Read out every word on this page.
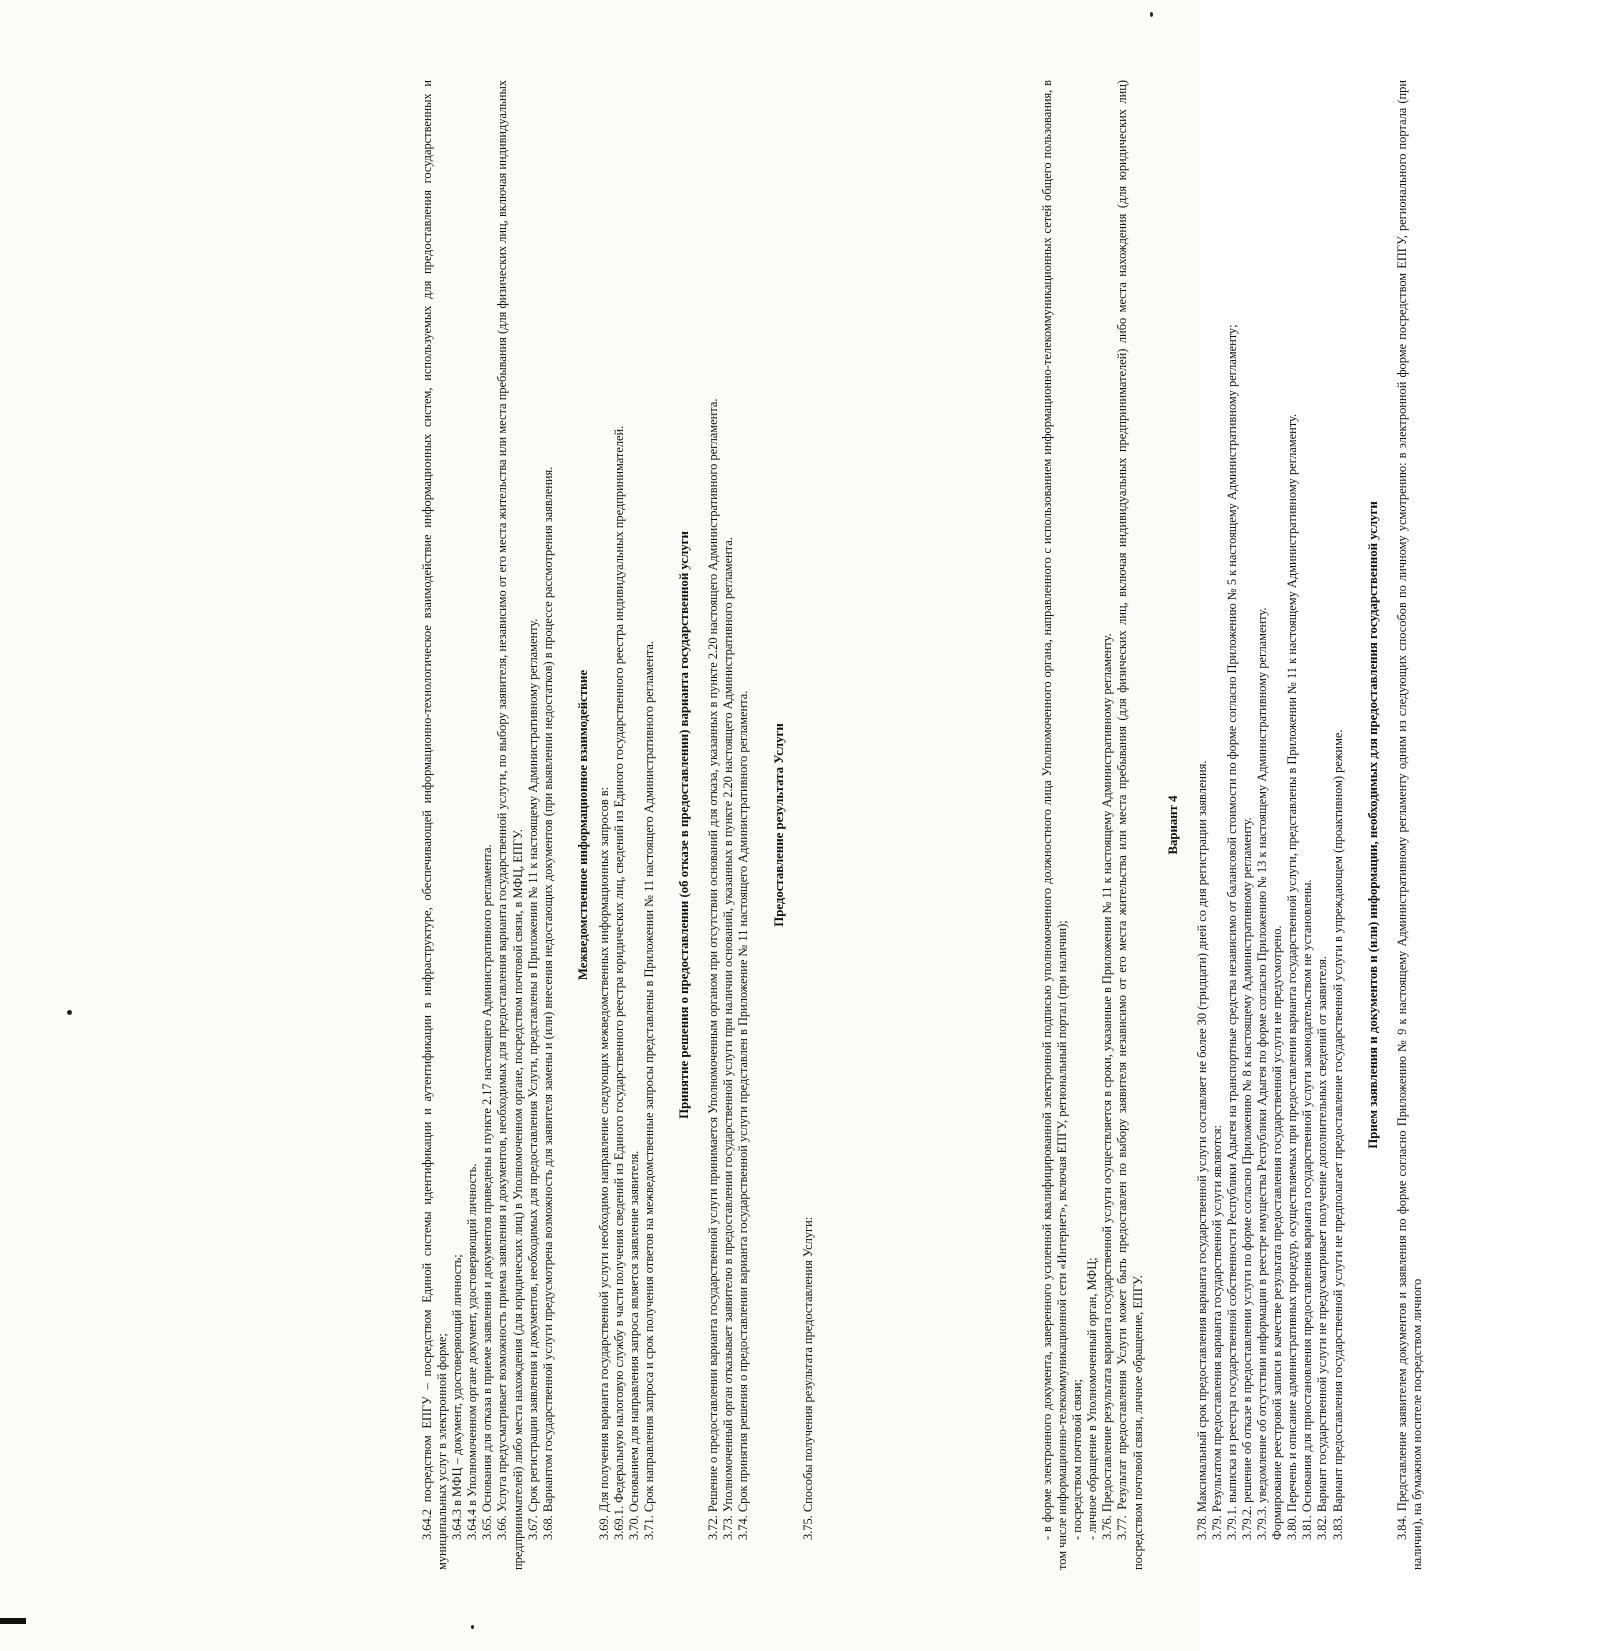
3.64.2 посредством ЕПГУ – посредством Единой системы идентификации и аутентификации в инфраструктуре, обеспечивающей информационно-технологическое взаимодействие информационных систем, используемых для предоставления государственных и муниципальных услуг в электронной форме; 3.64.3 в МФЦ – документ, удостоверяющий личность; 3.64.4 в Уполномоченном органе документ, удостоверяющий личность. 3.65. Основания для отказа в приеме заявления и документов приведены в пункте 2.17 настоящего Административного регламента. 3.66. Услуга предусматривает возможность приема заявления и документов, необходимых для предоставления варианта государственной услуги, по выбору заявителя, независимо от его места жительства или места пребывания (для физических лиц, включая индивидуальных предпринимателей) либо места нахождения (для юридических лиц) в Уполномоченном органе, посредством почтовой связи, в МФЦ, ЕПГУ. 3.67. Срок регистрации заявления и документов, необходимых для предоставления Услуги, представлены в Приложении № 11 к настоящему Административному регламенту. 3.68. Вариантом государственной услуги предусмотрена возможность для заявителя замены и (или) внесения недостающих документов (при выявлении недостатков) в процессе рассмотрения заявления. Межведомственное информационное взаимодействие 3.69. Для получения варианта государственной услуги необходимо направление следующих межведомственных информационных запросов в: 3.69.1. Федеральную налоговую службу в части получения сведений из Единого государственного реестра юридических лиц, сведений из Единого государственного реестра индивидуальных предпринимателей. 3.70. Основанием для направления запроса является заявление заявителя. 3.71. Срок направления запроса и срок получения ответов на межведомственные запросы представлены в Приложении № 11 настоящего Административного регламента. Принятие решения о предоставлении (об отказе в предоставлении) варианта государственной услуги 3.72. Решение о предоставлении варианта государственной услуги принимается Уполномоченным органом при отсутствии оснований для отказа, указанных в пункте 2.20 настоящего Административного регламента. 3.73. Уполномоченный орган отказывает заявителю в предоставлении государственной услуги при наличии оснований, указанных в пункте 2.20 настоящего Административного регламента. 3.74. Срок принятия решения о предоставлении варианта государственной услуги представлен в Приложение № 11 настоящего Административного регламента. Предоставление результата Услуги

3.75. Способы получения результата предоставления Услуги:	- в форме электронного документа, заверенного усиленной квалифицированной электронной подписью уполномоченного должностного лица Уполномоченного органа, направленного с использованием информационно-телекоммуникационных сетей общего пользования, в том числе информационно-телекоммуникационной сети «Интернет», включая ЕПГУ, региональный портал (при наличии); - посредством почтовой связи; - личное обращение в Уполномоченный орган, МФЦ; 3.76. Предоставление результата варианта государственной услуги осуществляется в сроки, указанные в Приложении № 11 к настоящему Административному регламенту. 3.77. Результат предоставления Услуги может быть предоставлен по выбору заявителя независимо от его места жительства или места пребывания (для физических лиц, включая индивидуальных предпринимателей) либо места нахождения (для юридических лиц) посредством почтовой связи, личное обращение, ЕПГУ.

Вариант 4 3.78. Максимальный срок предоставления варианта государственной услуги составляет не более 30 (тридцати) дней со дня регистрации заявления. 3.79. Результатом предоставления варианта государственной услуги являются: 3.79.1. выписка из реестра государственной собственности Республики Адыгея на транспортные средства независимо от балансовой стоимости по форме согласно Приложению № 5 к настоящему Административному регламенту; 3.79.2. решение об отказе в предоставлении услуги по форме согласно Приложению № 8 к настоящему Административному регламенту. 3.79.3. уведомление об отсутствии информации в реестре имущества Республики Адыгея по форме согласно Приложению № 13 к настоящему Административному регламенту. Формирование реестровой записи в качестве результата предоставления государственной услуги не предусмотрено. 3.80. Перечень и описание административных процедур, осуществляемых при предоставлении варианта государственной услуги, представлены в Приложении № 11 к настоящему Административному регламенту. 3.81. Основания для приостановления предоставления варианта государственной услуги законодательством не установлены. 3.82. Вариант государственной услуги не предусматривает получение дополнительных сведений от заявителя. 3.83. Вариант предоставления государственной услуги не предполагает предоставление государственной услуги в упреждающем (проактивном) режиме. Прием заявления и документов и (или) информации, необходимых для предоставления государственной услуги 3.84. Представление заявителем документов и заявления по форме согласно Приложению № 9 к настоящему Административному регламенту одним из следующих способов по личному усмотрению: в электронной форме посредством ЕПГУ, регионального портала (при наличии), на бумажном носителе посредством личного
